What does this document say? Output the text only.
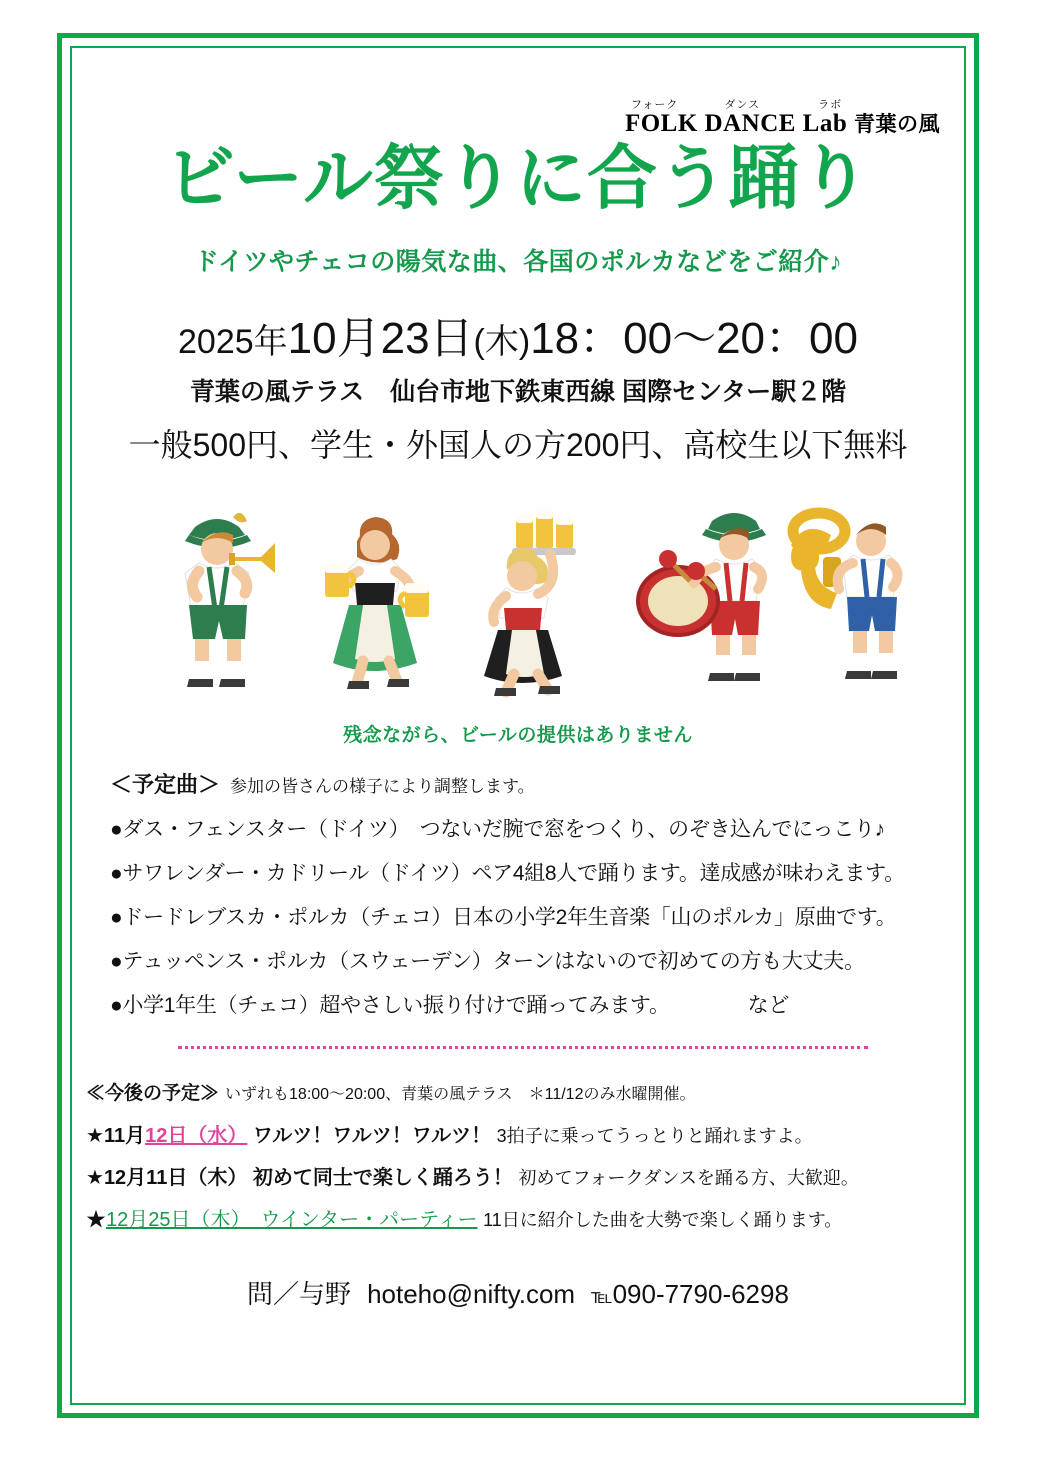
フォーク	ダンス	ラボ
FOLK DANCE Lab 青葉の風
ビール祭りに合う踊り
ドイツやチェコの陽気な曲、各国のポルカなどをご紹介♪
2025年10月23日(木)18：00〜20：00
青葉の風テラス 仙台市地下鉄東西線 国際センター駅２階
一般500円、学生・外国人の方200円、高校生以下無料
残念ながら、ビールの提供はありません
＜予定曲＞ 参加の皆さんの様子により調整します。
●ダス・フェンスター（ドイツ）　つないだ腕で窓をつくり、のぞき込んでにっこり♪
●サワレンダー・カドリール（ドイツ）ペア4組8人で踊ります。達成感が味わえます。
●ドードレブスカ・ポルカ（チェコ）日本の小学2年生音楽「山のポルカ」原曲です。
●テュッペンス・ポルカ（スウェーデン）ターンはないので初めての方も大丈夫。
●小学1年生（チェコ）超やさしい振り付けで踊ってみます。	など
≪今後の予定≫ いずれも18:00〜20:00、青葉の風テラス　＊11/12のみ水曜開催。
★11月12日（水） ワルツ！ワルツ！ワルツ！ 3拍子に乗ってうっとりと踊れますよ。
★12月11日（木） 初めて同士で楽しく踊ろう！ 初めてフォークダンスを踊る方、大歓迎。
★12月25日（木）　ウインター・パーティー 11日に紹介した曲を大勢で楽しく踊ります。
問／与野 hoteho@nifty.com ℡090-7790-6298
